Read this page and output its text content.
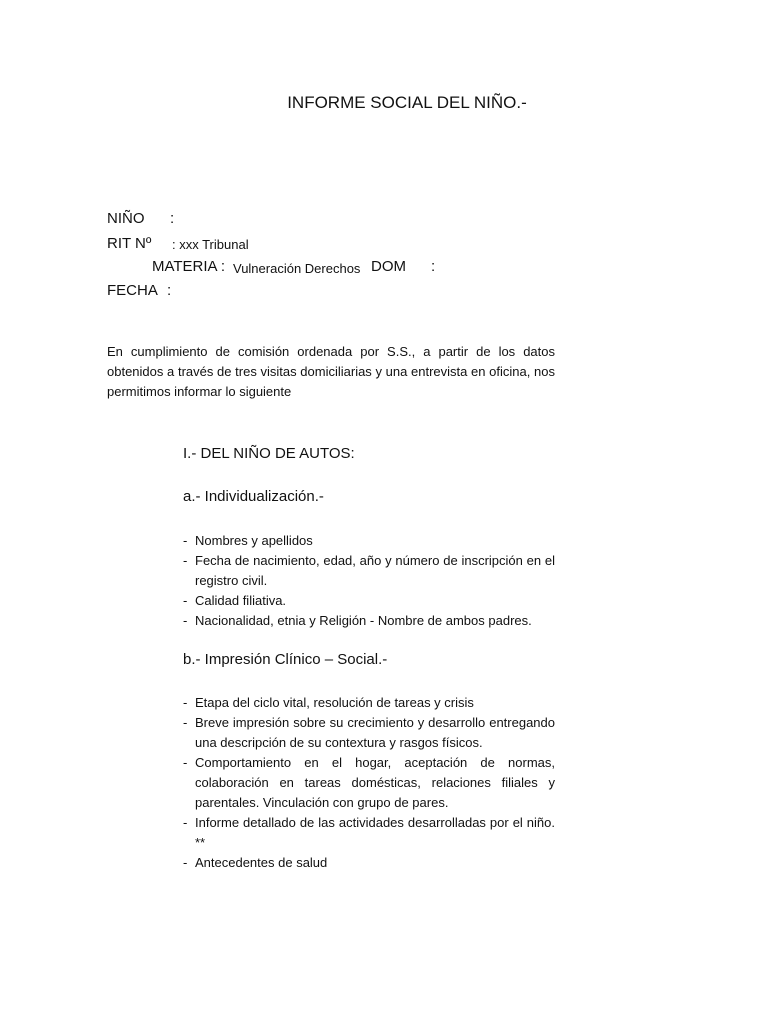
INFORME SOCIAL DEL NIÑO.-
NIÑO :
RIT Nº : xxx Tribunal
MATERIA : Vulneración Derechos DOM :
FECHA :
En cumplimiento de comisión ordenada por S.S., a partir de los datos obtenidos a través de tres visitas domiciliarias y una entrevista en oficina, nos permitimos informar lo siguiente
I.- DEL NIÑO DE AUTOS:
a.- Individualización.-
- Nombres y apellidos
- Fecha de nacimiento, edad, año y número de inscripción en el registro civil.
- Calidad filiativa.
- Nacionalidad, etnia y Religión - Nombre de ambos padres.
b.- Impresión Clínico – Social.-
- Etapa del ciclo vital, resolución de tareas y crisis
- Breve impresión sobre su crecimiento y desarrollo entregando una descripción de su contextura y rasgos físicos.
- Comportamiento en el hogar, aceptación de normas, colaboración en tareas domésticas, relaciones filiales y parentales. Vinculación con grupo de pares.
- Informe detallado de las actividades desarrolladas por el niño. **
- Antecedentes de salud
